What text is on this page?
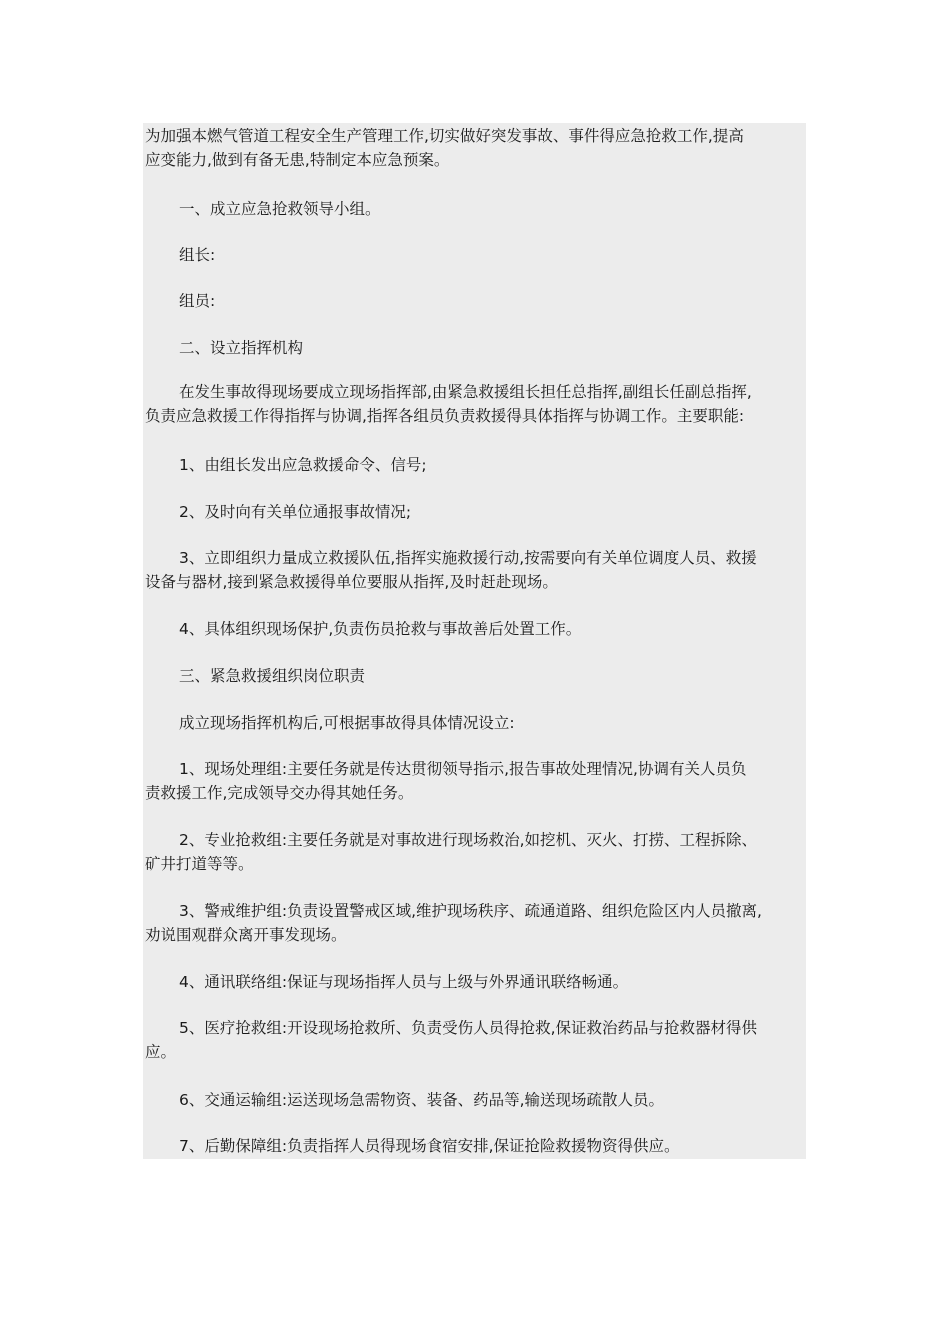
为加强本燃气管道工程安全生产管理工作,切实做好突发事故、事件得应急抢救工作,提高
应变能力,做到有备无患,特制定本应急预案。

一、成立应急抢救领导小组。

组长:

组员:

二、设立指挥机构

在发生事故得现场要成立现场指挥部,由紧急救援组长担任总指挥,副组长任副总指挥,
负责应急救援工作得指挥与协调,指挥各组员负责救援得具体指挥与协调工作。主要职能:

1、由组长发出应急救援命令、信号;

2、及时向有关单位通报事故情况;

3、立即组织力量成立救援队伍,指挥实施救援行动,按需要向有关单位调度人员、救援
设备与器材,接到紧急救援得单位要服从指挥,及时赶赴现场。

4、具体组织现场保护,负责伤员抢救与事故善后处置工作。

三、紧急救援组织岗位职责

成立现场指挥机构后,可根据事故得具体情况设立:

1、现场处理组:主要任务就是传达贯彻领导指示,报告事故处理情况,协调有关人员负
责救援工作,完成领导交办得其她任务。

2、专业抢救组:主要任务就是对事故进行现场救治,如挖机、灭火、打捞、工程拆除、
矿井打道等等。

3、警戒维护组:负责设置警戒区域,维护现场秩序、疏通道路、组织危险区内人员撤离,
劝说围观群众离开事发现场。

4、通讯联络组:保证与现场指挥人员与上级与外界通讯联络畅通。

5、医疗抢救组:开设现场抢救所、负责受伤人员得抢救,保证救治药品与抢救器材得供
应。

6、交通运输组:运送现场急需物资、装备、药品等,输送现场疏散人员。

7、后勤保障组:负责指挥人员得现场食宿安排,保证抢险救援物资得供应。
